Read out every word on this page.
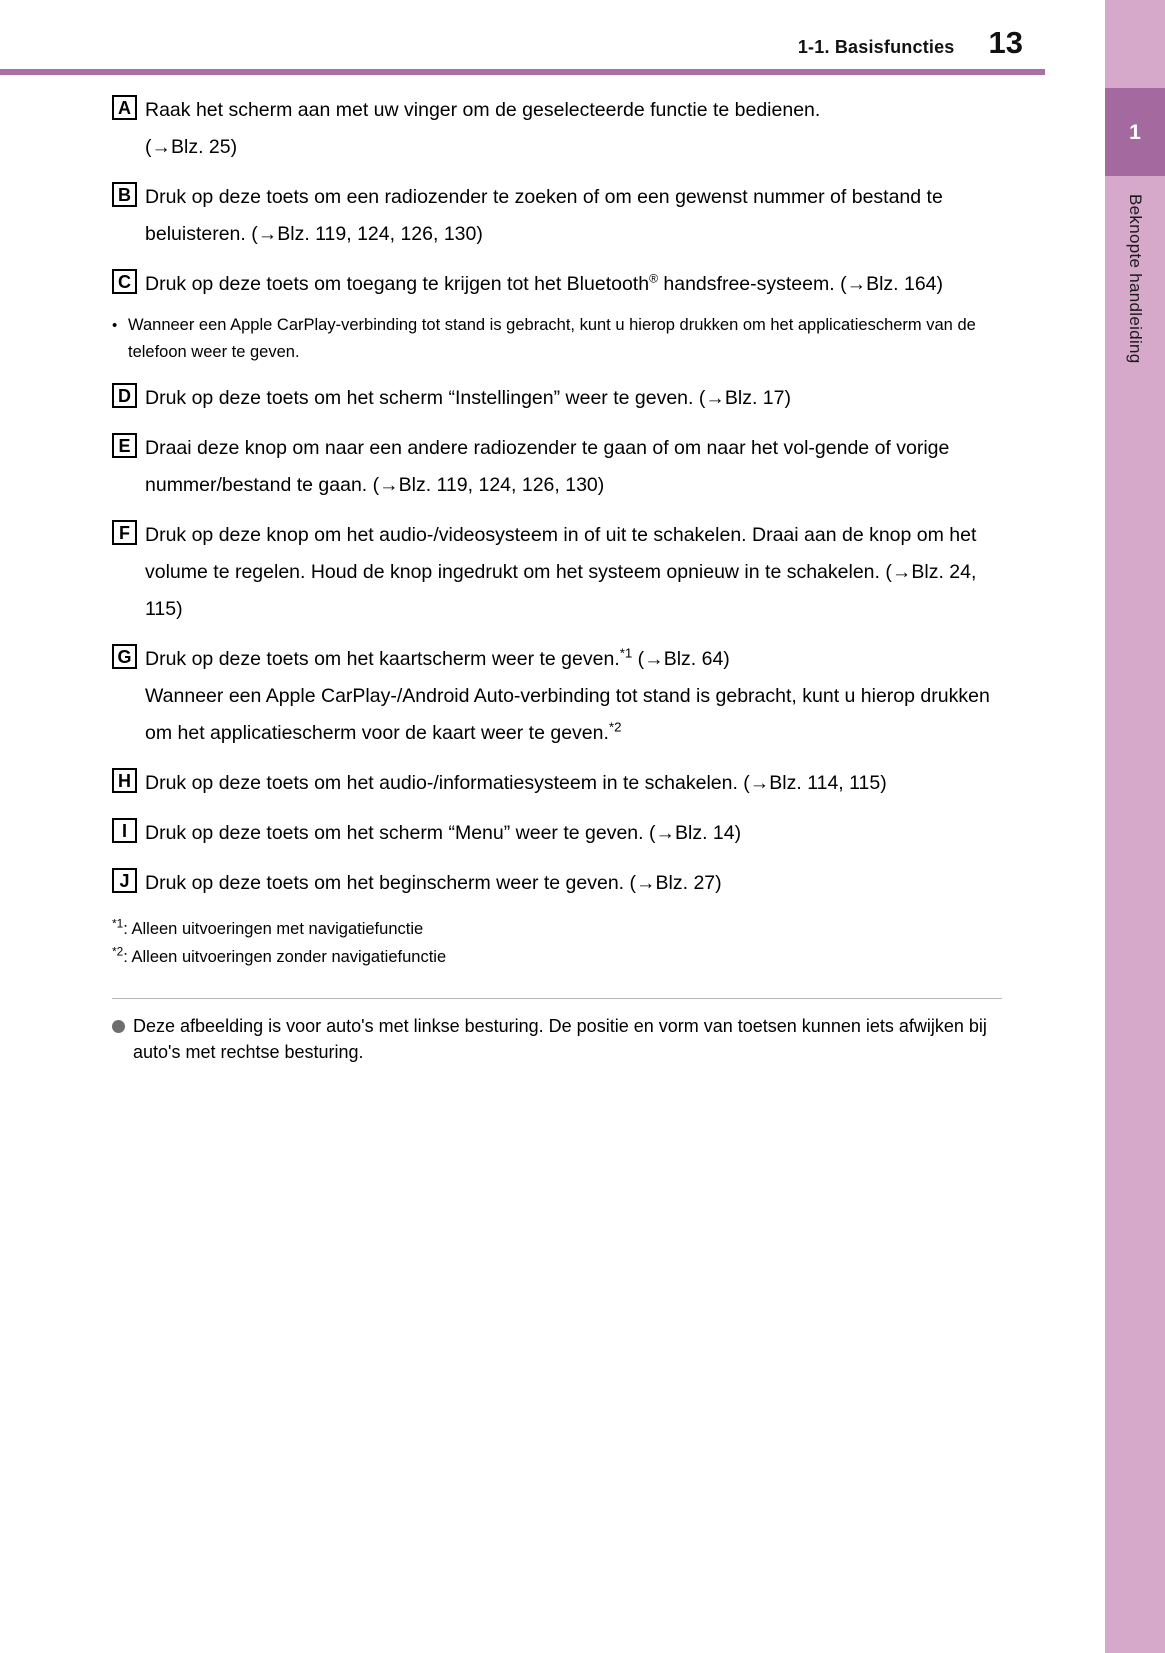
1-1. Basisfuncties 13
1
Beknopte handleiding
A Raak het scherm aan met uw vinger om de geselecteerde functie te bedienen.
(→Blz. 25)
B Druk op deze toets om een radiozender te zoeken of om een gewenst nummer of bestand te beluisteren. (→Blz. 119, 124, 126, 130)
C Druk op deze toets om toegang te krijgen tot het Bluetooth® handsfree-systeem. (→Blz. 164)
• Wanneer een Apple CarPlay-verbinding tot stand is gebracht, kunt u hierop drukken om het applicatiescherm van de telefoon weer te geven.
D Druk op deze toets om het scherm “Instellingen” weer te geven. (→Blz. 17)
E Draai deze knop om naar een andere radiozender te gaan of om naar het vol-gende of vorige nummer/bestand te gaan. (→Blz. 119, 124, 126, 130)
F Druk op deze knop om het audio-/videosysteem in of uit te schakelen. Draai aan de knop om het volume te regelen. Houd de knop ingedrukt om het systeem opnieuw in te schakelen. (→Blz. 24, 115)
G Druk op deze toets om het kaartscherm weer te geven.$^{*1}$ (→Blz. 64)
Wanneer een Apple CarPlay-/Android Auto-verbinding tot stand is gebracht, kunt u hierop drukken om het applicatiescherm voor de kaart weer te geven.$^{*2}$
H Druk op deze toets om het audio-/informatiesysteem in te schakelen. (→Blz. 114, 115)
I Druk op deze toets om het scherm “Menu” weer te geven. (→Blz. 14)
J Druk op deze toets om het beginscherm weer te geven. (→Blz. 27)
$^{*1}$: Alleen uitvoeringen met navigatiefunctie
$^{*2}$: Alleen uitvoeringen zonder navigatiefunctie
Deze afbeelding is voor auto's met linkse besturing. De positie en vorm van toetsen kunnen iets afwijken bij auto's met rechtse besturing.
